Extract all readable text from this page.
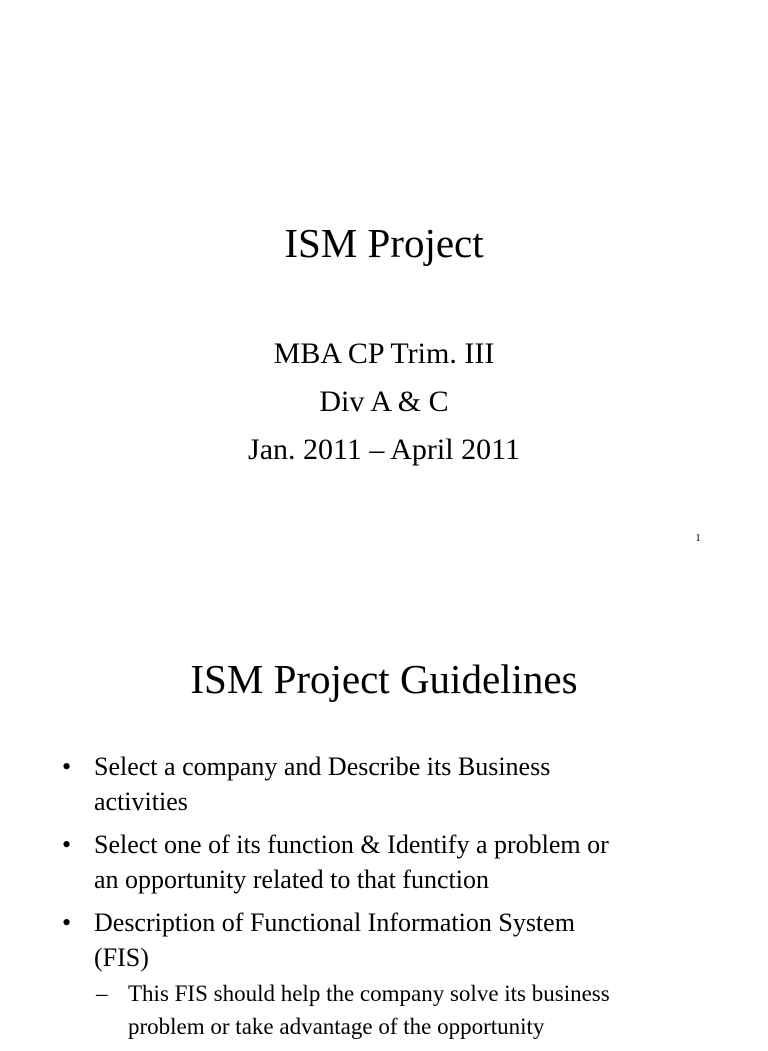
ISM Project
MBA CP Trim. III
Div A & C
Jan. 2011 – April 2011
1
ISM Project Guidelines
• Select a company and Describe its Business
activities
• Select one of its function & Identify a problem or
an opportunity related to that function
• Description of Functional Information System
(FIS)
– This FIS should help the company solve its business
problem or take advantage of the opportunity
